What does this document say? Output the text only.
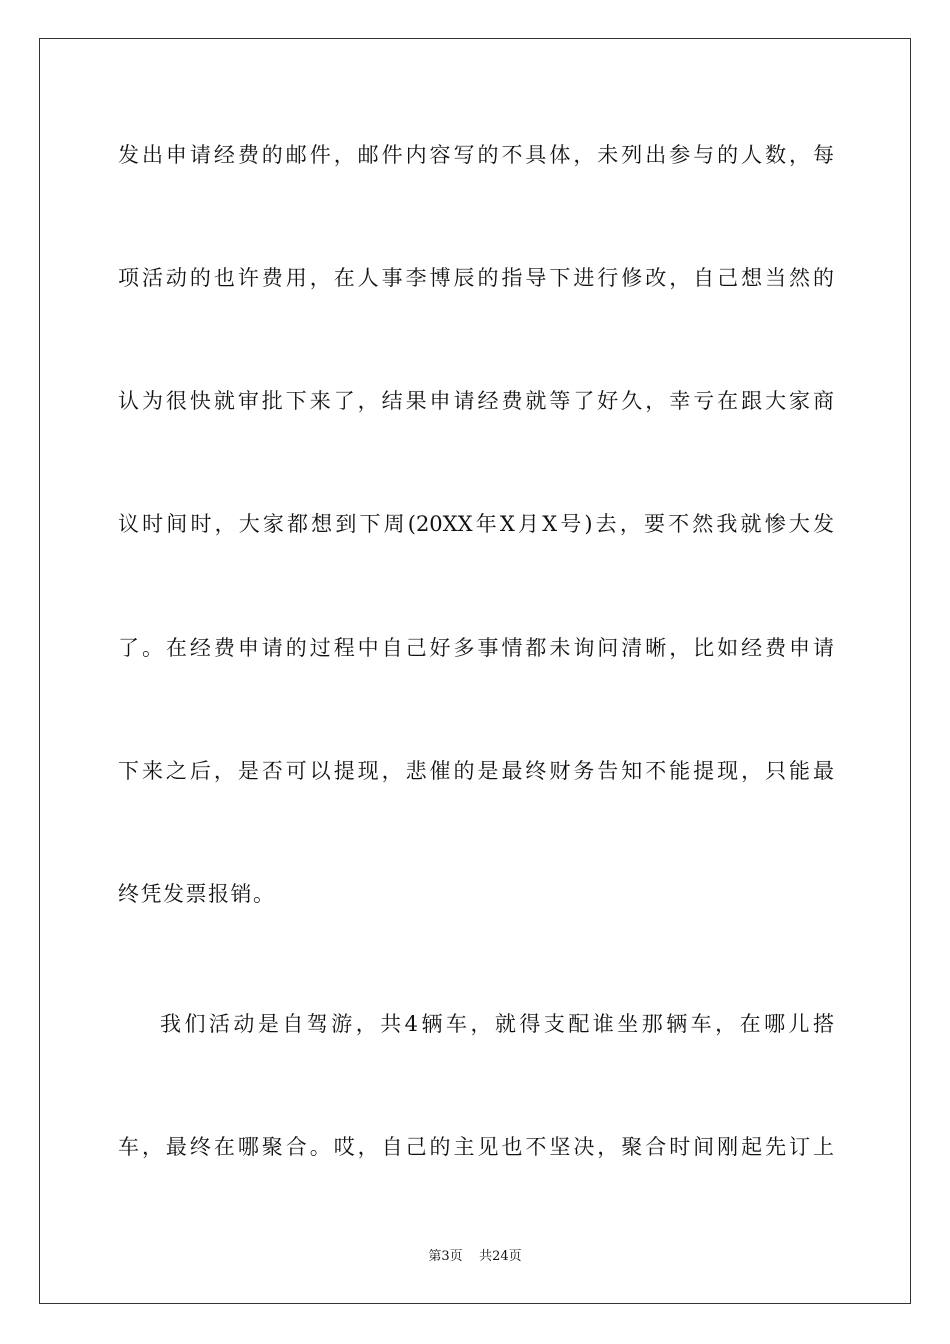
发出申请经费的邮件，邮件内容写的不具体，未列出参与的人数，每
项活动的也许费用，在人事李博辰的指导下进行修改，自己想当然的
认为很快就审批下来了，结果申请经费就等了好久，幸亏在跟大家商
议时间时，大家都想到下周(20XX年X月X号)去，要不然我就惨大发
了。在经费申请的过程中自己好多事情都未询问清晰，比如经费申请
下来之后，是否可以提现，悲催的是最终财务告知不能提现，只能最
终凭发票报销。
我们活动是自驾游，共4辆车，就得支配谁坐那辆车，在哪儿搭
车，最终在哪聚合。哎，自己的主见也不坚决，聚合时间刚起先订上
第3页 共24页
